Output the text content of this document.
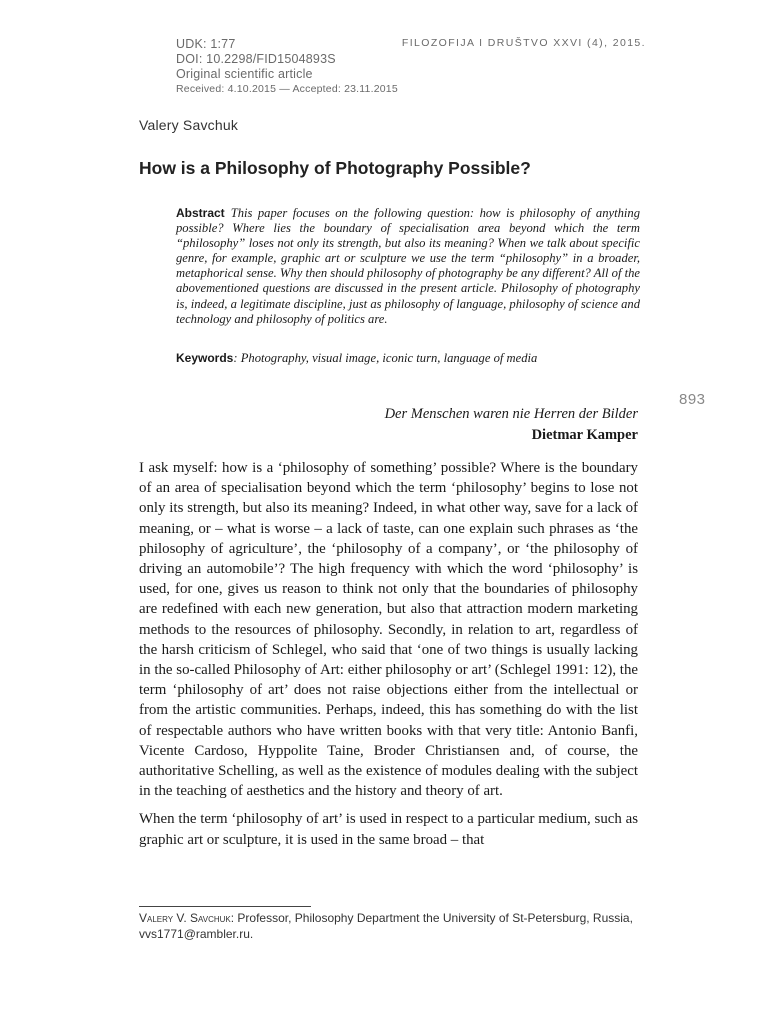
UDK: 1:77
DOI: 10.2298/FID1504893S
Original scientific article
Received: 4.10.2015 — Accepted: 23.11.2015
FILOZOFIJA I DRUŠTVO XXVI (4), 2015.
Valery Savchuk
How is a Philosophy of Photography Possible?
Abstract This paper focuses on the following question: how is philosophy of anything possible? Where lies the boundary of specialisation area beyond which the term “philosophy” loses not only its strength, but also its meaning? When we talk about specific genre, for example, graphic art or sculpture we use the term “philosophy” in a broader, metaphorical sense. Why then should philosophy of photography be any different? All of the abovementioned questions are discussed in the present article. Philosophy of photography is, indeed, a legitimate discipline, just as philosophy of language, philosophy of science and technology and philosophy of politics are.
Keywords: Photography, visual image, iconic turn, language of media
893
Der Menschen waren nie Herren der Bilder
Dietmar Kamper

I ask myself: how is a ‘philosophy of something’ possible? Where is the boundary of an area of specialisation beyond which the term ‘philosophy’ begins to lose not only its strength, but also its meaning? Indeed, in what other way, save for a lack of meaning, or – what is worse – a lack of taste, can one explain such phrases as ‘the philosophy of agriculture’, the ‘philosophy of a company’, or ‘the philosophy of driving an automobile’? The high frequency with which the word ‘philosophy’ is used, for one, gives us reason to think not only that the boundaries of philosophy are redefined with each new generation, but also that attraction modern marketing methods to the resources of philosophy. Secondly, in relation to art, regardless of the harsh criticism of Schlegel, who said that ‘one of two things is usually lacking in the so-called Philosophy of Art: either philosophy or art’ (Schlegel 1991: 12), the term ‘philosophy of art’ does not raise objections either from the intellectual or from the artistic communities. Perhaps, indeed, this has something do with the list of respectable authors who have written books with that very title: Antonio Banfi, Vicente Cardoso, Hyppolite Taine, Broder Christiansen and, of course, the authoritative Schelling, as well as the existence of modules dealing with the subject in the teaching of aesthetics and the history and theory of art.

When the term ‘philosophy of art’ is used in respect to a particular medium, such as graphic art or sculpture, it is used in the same broad – that

Valery V. Savchuk: Professor, Philosophy Department the University of St-Petersburg, Russia, vvs1771@rambler.ru.
